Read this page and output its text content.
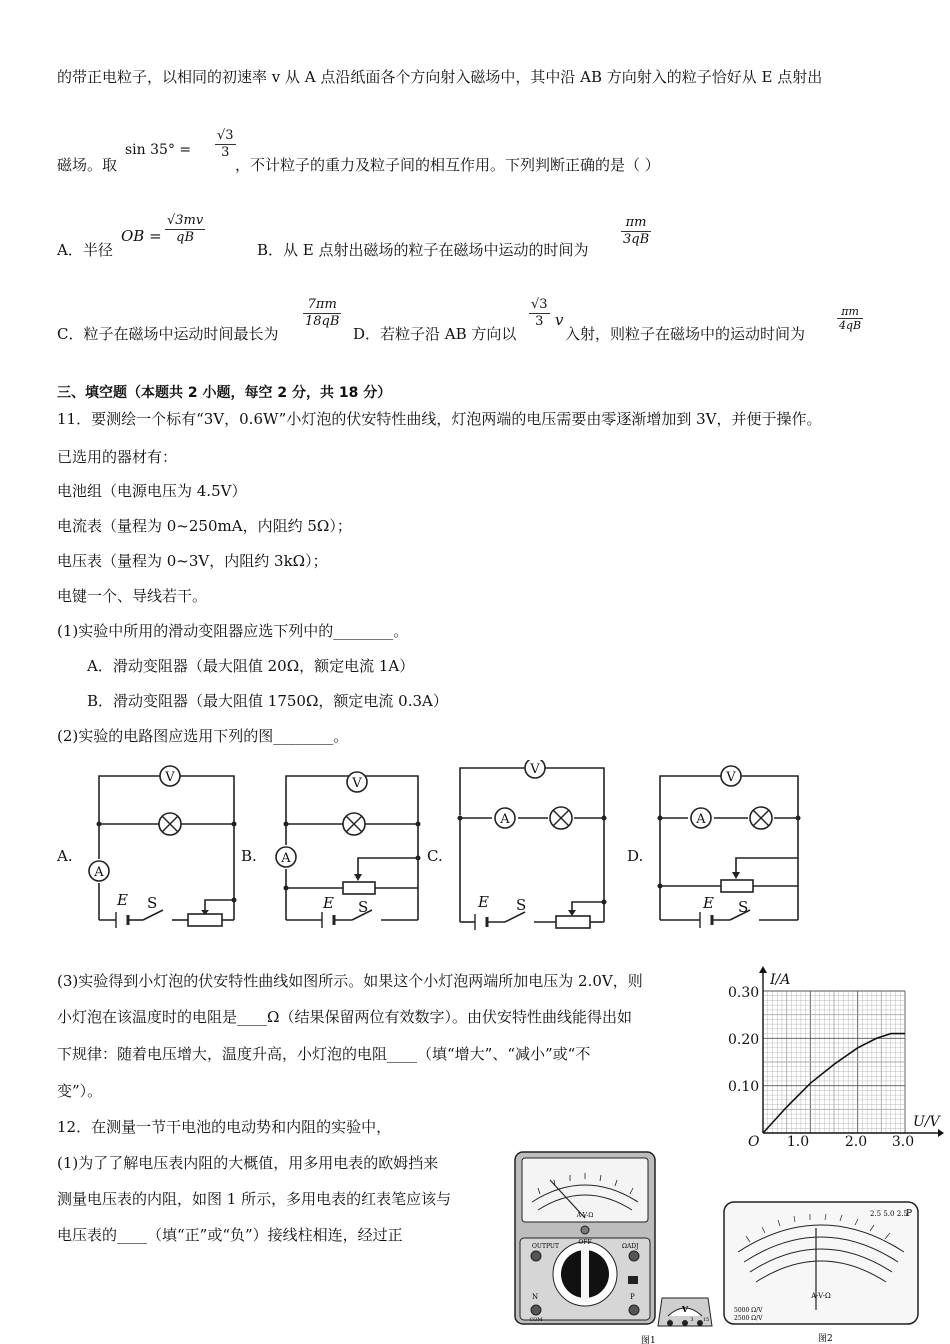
的带正电粒子，以相同的初速率 v 从 A 点沿纸面各个方向射入磁场中，其中沿 AB 方向射入的粒子恰好从 E 点射出
磁场。取
$\sin 35^\circ = \frac{√3}{3}$
，不计粒子的重力及粒子间的相互作用。下列判断正确的是（ ）
A．半径
OB = $\frac{√3mv}{qB}$
B．从 E 点射出磁场的粒子在磁场中运动的时间为
$\frac{\pi m}{3qB}$
C．粒子在磁场中运动时间最长为
$\frac{7\pi m}{18qB}$
D．若粒子沿 AB 方向以
$\frac{√3}{3}$ v
入射，则粒子在磁场中的运动时间为
$\frac{\pi m}{4qB}$
三、填空题（本题共 2 小题，每空 2 分，共 18 分）
11．要测绘一个标有“3V，0.6W”小灯泡的伏安特性曲线，灯泡两端的电压需要由零逐渐增加到 3V，并便于操作。
已选用的器材有：
电池组（电源电压为 4.5V）
电流表（量程为 0~250mA，内阻约 5Ω）；
电压表（量程为 0~3V，内阻约 3kΩ）；
电键一个、导线若干。
(1)实验中所用的滑动变阻器应选下列中的________。
A．滑动变阻器（最大阻值 20Ω，额定电流 1A）
B．滑动变阻器（最大阻值 1750Ω，额定电流 0.3A）
(2)实验的电路图应选用下列的图________。
A.	B.	C.	D.
V	V
V
V
A
A
A	A
E S	E S	E S	E S
(3)实验得到小灯泡的伏安特性曲线如图所示。如果这个小灯泡两端所加电压为 2.0V，则
小灯泡在该温度时的电阻是____Ω（结果保留两位有效数字）。由伏安特性曲线能得出如
下规律：随着电压增大，温度升高，小灯泡的电阻____（填“增大”、“减小”或“不
变”）。
0.30
0.20
0.10
1.0	2.0 3.0
O
I/A
U/V
12．在测量一节干电池的电动势和内阻的实验中，
(1)为了了解电压表内阻的大概值，用多用电表的欧姆挡来
测量电压表的内阻，如图 1 所示，多用电表的红表笔应该与
电压表的____（填“正”或“负”）接线柱相连，经过正
A-V-Ω
OUTPUT	ΩADJ
OFF
N	P
COM
V
-	3 15
图1
2.5 5.0 2.5
P
A-V-Ω
5000 Ω/V
2500 Ω/V
图2
